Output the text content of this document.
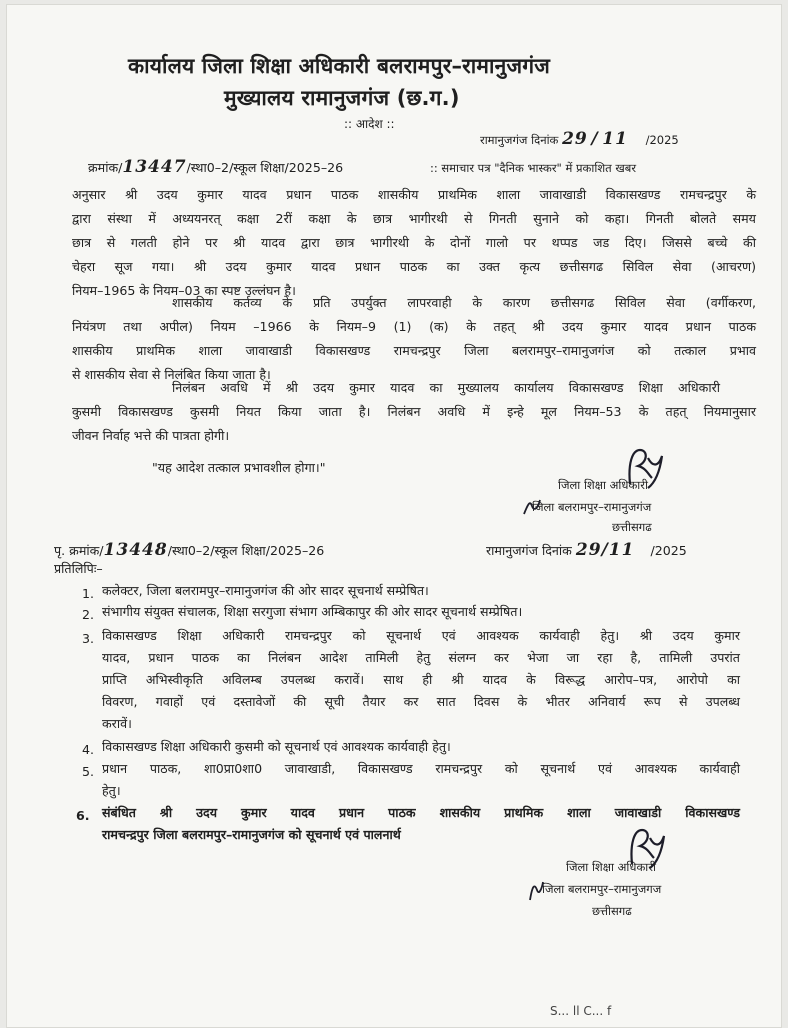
कार्यालय जिला शिक्षा अधिकारी बलरामपुर–रामानुजगंज
मुख्यालय रामानुजगंज (छ.ग.)
:: आदेश ::
रामानुजगंज दिनांक 29 / 11 /2025
क्रमांक/13447/स्था0–2/स्कूल शिक्षा/2025–26	:: समाचार पत्र "दैनिक भास्कर" में प्रकाशित खबर
अनुसार श्री उदय कुमार यादव प्रधान पाठक शासकीय प्राथमिक शाला जावाखाडी विकासखण्ड रामचन्द्रपुर के
द्वारा संस्था में अध्ययनरत् कक्षा 2रीं कक्षा के छात्र भागीरथी से गिनती सुनाने को कहा। गिनती बोलते समय
छात्र से गलती होने पर श्री यादव द्वारा छात्र भागीरथी के दोनों गालो पर थप्पड जड दिए। जिससे बच्चे की
चेहरा सूज गया। श्री उदय कुमार यादव प्रधान पाठक का उक्त कृत्य छत्तीसगढ सिविल सेवा (आचरण)
नियम–1965 के नियम–03 का स्पष्ट उल्लंघन है।
शासकीय कर्तव्य के प्रति उपर्युक्त लापरवाही के कारण छत्तीसगढ सिविल सेवा (वर्गीकरण,
नियंत्रण तथा अपील) नियम –1966 के नियम–9 (1) (क) के तहत् श्री उदय कुमार यादव प्रधान पाठक
शासकीय प्राथमिक शाला जावाखाडी विकासखण्ड रामचन्द्रपुर जिला बलरामपुर–रामानुजगंज को तत्काल प्रभाव
से शासकीय सेवा से निलंबित किया जाता है।
निलंबन अवधि में श्री उदय कुमार यादव का मुख्यालय कार्यालय विकासखण्ड शिक्षा अधिकारी
कुसमी विकासखण्ड कुसमी नियत किया जाता है। निलंबन अवधि में इन्हे मूल नियम–53 के तहत् नियमानुसार
जीवन निर्वाह भत्ते की पात्रता होगी।
"यह आदेश तत्काल प्रभावशील होगा।"
जिला शिक्षा अधिकारी
जिला बलरामपुर–रामानुजगंज
छत्तीसगढ
पृ. क्रमांक/13448/स्था0–2/स्कूल शिक्षा/2025–26	रामानुजगंज दिनांक 29/11 /2025
प्रतिलिपिः–
1. कलेक्टर, जिला बलरामपुर–रामानुजगंज की ओर सादर सूचनार्थ सम्प्रेषित।
2. संभागीय संयुक्त संचालक, शिक्षा सरगुजा संभाग अम्बिकापुर की ओर सादर सूचनार्थ सम्प्रेषित।
3. विकासखण्ड शिक्षा अधिकारी रामचन्द्रपुर को सूचनार्थ एवं आवश्यक कार्यवाही हेतु। श्री उदय कुमार
यादव, प्रधान पाठक का निलंबन आदेश तामिली हेतु संलग्न कर भेजा जा रहा है, तामिली उपरांत
प्राप्ति अभिस्वीकृति अविलम्ब उपलब्ध करावें। साथ ही श्री यादव के विरूद्ध आरोप–पत्र, आरोपो का
विवरण, गवाहों एवं दस्तावेजों की सूची तैयार कर सात दिवस के भीतर अनिवार्य रूप से उपलब्ध
करावें।
4. विकासखण्ड शिक्षा अधिकारी कुसमी को सूचनार्थ एवं आवश्यक कार्यवाही हेतु।
5. प्रधान पाठक, शा0प्रा0शा0 जावाखाडी, विकासखण्ड रामचन्द्रपुर को सूचनार्थ एवं आवश्यक कार्यवाही
हेतु।
6. संबंधित श्री उदय कुमार यादव प्रधान पाठक शासकीय प्राथमिक शाला जावाखाडी विकासखण्ड
रामचन्द्रपुर जिला बलरामपुर–रामानुजगंज को सूचनार्थ एवं पालनार्थ
जिला शिक्षा अधिकारी
जिला बलरामपुर–रामानुजगज
छत्तीसगढ
S... ll C... f
